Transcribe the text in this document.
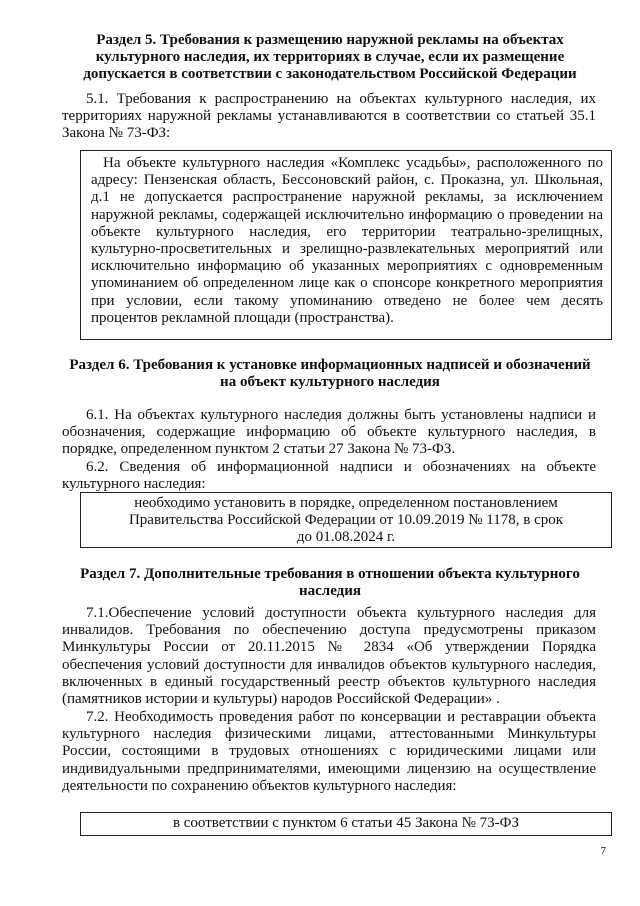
Раздел 5. Требования к размещению наружной рекламы на объектах культурного наследия, их территориях в случае, если их размещение допускается в соответствии с законодательством Российской Федерации
5.1. Требования к распространению на объектах культурного наследия, их территориях наружной рекламы устанавливаются в соответствии со статьей 35.1 Закона № 73-ФЗ:
На объекте культурного наследия «Комплекс усадьбы», расположенного по адресу: Пензенская область, Бессоновский район, с. Проказна, ул. Школьная, д.1 не допускается распространение наружной рекламы, за исключением наружной рекламы, содержащей исключительно информацию о проведении на объекте культурного наследия, его территории театрально-зрелищных, культурно-просветительных и зрелищно-развлекательных мероприятий или исключительно информацию об указанных мероприятиях с одновременным упоминанием об определенном лице как о спонсоре конкретного мероприятия при условии, если такому упоминанию отведено не более чем десять процентов рекламной площади (пространства).
Раздел 6. Требования к установке информационных надписей и обозначений на объект культурного наследия
6.1. На объектах культурного наследия должны быть установлены надписи и обозначения, содержащие информацию об объекте культурного наследия, в порядке, определенном пунктом 2 статьи 27 Закона № 73-ФЗ.
6.2. Сведения об информационной надписи и обозначениях на объекте культурного наследия:
необходимо установить в порядке, определенном постановлением Правительства Российской Федерации от 10.09.2019 № 1178, в срок до 01.08.2024 г.
Раздел 7. Дополнительные требования в отношении объекта культурного наследия
7.1.Обеспечение условий доступности объекта культурного наследия для инвалидов. Требования по обеспечению доступа предусмотрены приказом Минкультуры России от 20.11.2015 № 2834 «Об утверждении Порядка обеспечения условий доступности для инвалидов объектов культурного наследия, включенных в единый государственный реестр объектов культурного наследия (памятников истории и культуры) народов Российской Федерации» .
7.2. Необходимость проведения работ по консервации и реставрации объекта культурного наследия физическими лицами, аттестованными Минкультуры России, состоящими в трудовых отношениях с юридическими лицами или индивидуальными предпринимателями, имеющими лицензию на осуществление деятельности по сохранению объектов культурного наследия:
в соответствии с пунктом 6 статьи 45 Закона № 73-ФЗ
7
